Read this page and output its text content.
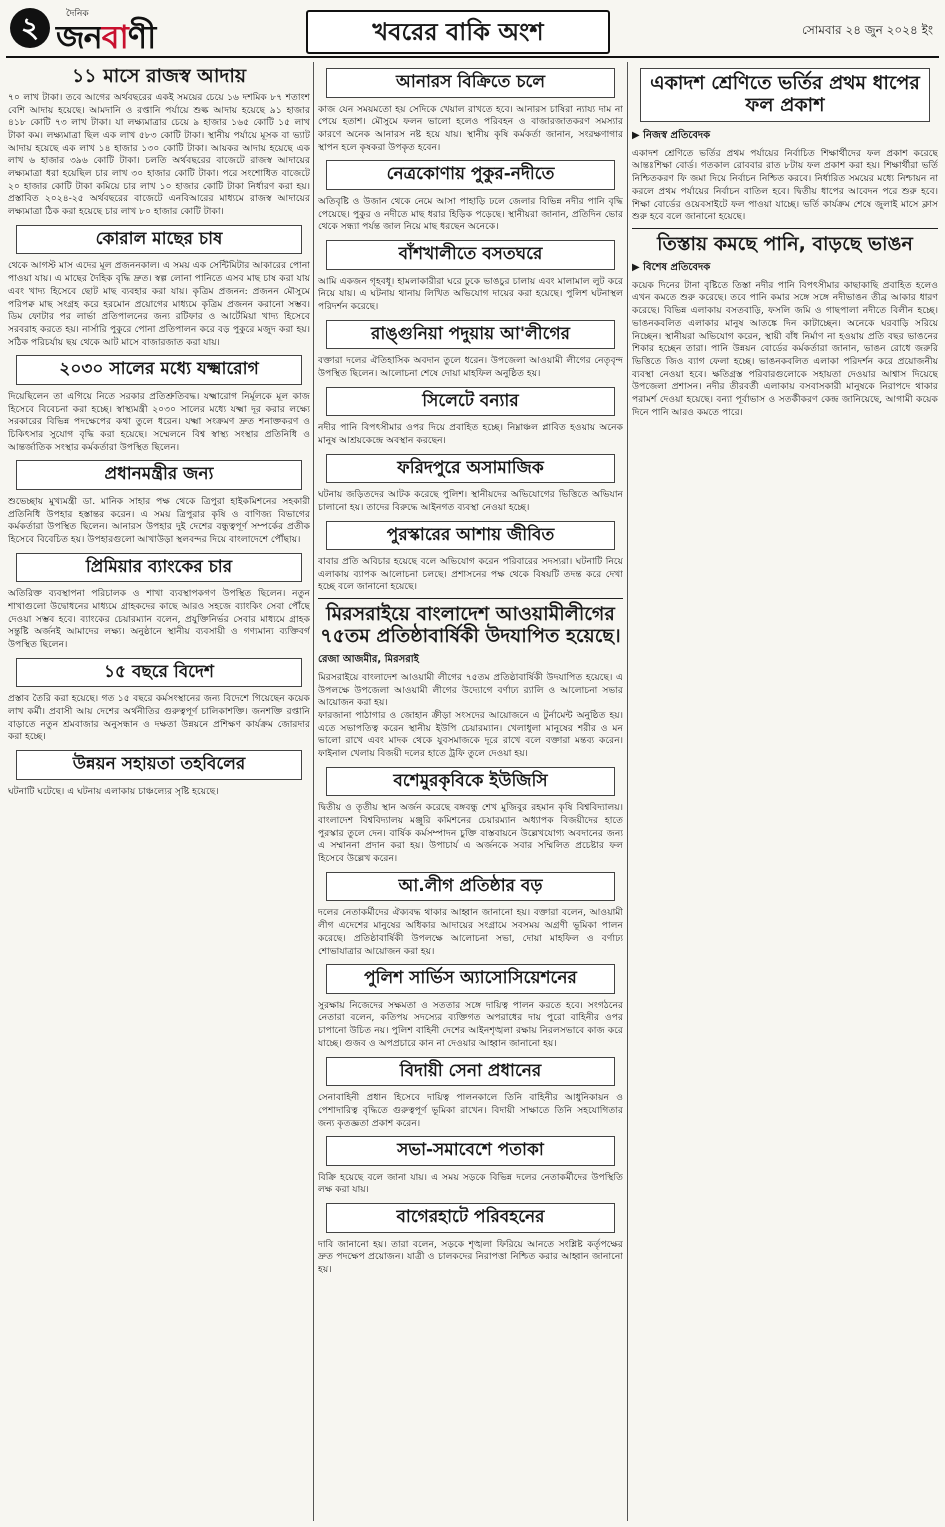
২	দৈনিক
জনবাণী	খবরের বাকি অংশ	সোমবার ২৪ জুন ২০২৪ ইং
১১ মাসে রাজস্ব আদায়

৭০ লাখ টাকা। তবে আগের অর্থবছরের একই সময়ের চেয়ে ১৬ দশমিক ৮৭ শতাংশ বেশি আদায় হয়েছে। আমদানি ও রপ্তানি পর্যায়ে শুল্ক আদায় হয়েছে ৯১ হাজার ৪১৮ কোটি ৭৩ লাখ টাকা। যা লক্ষ্যমাত্রার চেয়ে ৯ হাজার ১৬৫ কোটি ১৫ লাখ টাকা কম। লক্ষ্যমাত্রা ছিল এক লাখ ৫৮৩ কোটি টাকা। স্থানীয় পর্যায়ে মূসক বা ভ্যাট আদায় হয়েছে এক লাখ ১৪ হাজার ১৩০ কোটি টাকা। আয়কর আদায় হয়েছে এক লাখ ৬ হাজার ৩৯৬ কোটি টাকা। চলতি অর্থবছরের বাজেটে রাজস্ব আদায়ের লক্ষ্যমাত্রা ধরা হয়েছিল চার লাখ ৩০ হাজার কোটি টাকা। পরে সংশোধিত বাজেটে ২০ হাজার কোটি টাকা কমিয়ে চার লাখ ১০ হাজার কোটি টাকা নির্ধারণ করা হয়। প্রস্তাবিত ২০২৪-২৫ অর্থবছরের বাজেটে এনবিআরের মাধ্যমে রাজস্ব আদায়ের লক্ষ্যমাত্রা ঠিক করা হয়েছে চার লাখ ৮০ হাজার কোটি টাকা।

কোরাল মাছের চাষ

থেকে আগস্ট মাস এদের মূল প্রজননকাল। এ সময় এক সেন্টিমিটার আকারের পোনা পাওয়া যায়। এ মাছের দৈহিক বৃদ্ধি দ্রুত। স্বল্প লোনা পানিতে এসব মাছ চাষ করা যায় এবং খাদ্য হিসেবে ছোট মাছ ব্যবহার করা যায়। কৃত্রিম প্রজনন: প্রজনন মৌসুমে পরিপক্ব মাছ সংগ্রহ করে হরমোন প্রয়োগের মাধ্যমে কৃত্রিম প্রজনন করানো সম্ভব। ডিম ফোটার পর লার্ভা প্রতিপালনের জন্য রটিফার ও আর্টেমিয়া খাদ্য হিসেবে সরবরাহ করতে হয়। নার্সারি পুকুরে পোনা প্রতিপালন করে বড় পুকুরে মজুদ করা হয়। সঠিক পরিচর্যায় ছয় থেকে আট মাসে বাজারজাত করা যায়।

২০৩০ সালের মধ্যে যক্ষ্মারোগ

দিয়েছিলেন তা এগিয়ে নিতে সরকার প্রতিশ্রুতিবদ্ধ। যক্ষ্মারোগ নির্মূলকে মূল কাজ হিসেবে বিবেচনা করা হচ্ছে। স্বাস্থ্যমন্ত্রী ২০৩০ সালের মধ্যে যক্ষ্মা দূর করার লক্ষ্যে সরকারের বিভিন্ন পদক্ষেপের কথা তুলে ধরেন। যক্ষ্মা সংক্রমণ দ্রুত শনাক্তকরণ ও চিকিৎসার সুযোগ বৃদ্ধি করা হয়েছে। সম্মেলনে বিশ্ব স্বাস্থ্য সংস্থার প্রতিনিধি ও আন্তর্জাতিক সংস্থার কর্মকর্তারা উপস্থিত ছিলেন।

প্রধানমন্ত্রীর জন্য

শুভেচ্ছায় মুখ্যমন্ত্রী ডা. মানিক সাহার পক্ষ থেকে ত্রিপুরা হাইকমিশনের সহকারী প্রতিনিধি উপহার হস্তান্তর করেন। এ সময় ত্রিপুরার কৃষি ও বাণিজ্য বিভাগের কর্মকর্তারা উপস্থিত ছিলেন। আনারস উপহার দুই দেশের বন্ধুত্বপূর্ণ সম্পর্কের প্রতীক হিসেবে বিবেচিত হয়। উপহারগুলো আখাউড়া স্থলবন্দর দিয়ে বাংলাদেশে পৌঁছায়।

প্রিমিয়ার ব্যাংকের চার

অতিরিক্ত ব্যবস্থাপনা পরিচালক ও শাখা ব্যবস্থাপকগণ উপস্থিত ছিলেন। নতুন শাখাগুলো উদ্বোধনের মাধ্যমে গ্রাহকদের কাছে আরও সহজে ব্যাংকিং সেবা পৌঁছে দেওয়া সম্ভব হবে। ব্যাংকের চেয়ারম্যান বলেন, প্রযুক্তিনির্ভর সেবার মাধ্যমে গ্রাহক সন্তুষ্টি অর্জনই আমাদের লক্ষ্য। অনুষ্ঠানে স্থানীয় ব্যবসায়ী ও গণ্যমান্য ব্যক্তিবর্গ উপস্থিত ছিলেন।

১৫ বছরে বিদেশ

প্রস্তাব তৈরি করা হয়েছে। গত ১৫ বছরে কর্মসংস্থানের জন্য বিদেশে গিয়েছেন কয়েক লাখ কর্মী। প্রবাসী আয় দেশের অর্থনীতির গুরুত্বপূর্ণ চালিকাশক্তি। জনশক্তি রপ্তানি বাড়াতে নতুন শ্রমবাজার অনুসন্ধান ও দক্ষতা উন্নয়নে প্রশিক্ষণ কার্যক্রম জোরদার করা হচ্ছে।

উন্নয়ন সহায়তা তহবিলের

ঘটনাটি ঘটেছে। এ ঘটনায় এলাকায় চাঞ্চল্যের সৃষ্টি হয়েছে।

আনারস বিক্রিতে চলে

কাজ যেন সময়মতো হয় সেদিকে খেয়াল রাখতে হবে। আনারস চাষিরা ন্যায্য দাম না পেয়ে হতাশ। মৌসুমে ফলন ভালো হলেও পরিবহন ও বাজারজাতকরণ সমস্যার কারণে অনেক আনারস নষ্ট হয়ে যায়। স্থানীয় কৃষি কর্মকর্তা জানান, সংরক্ষণাগার স্থাপন হলে কৃষকরা উপকৃত হবেন।

নেত্রকোণায় পুকুর-নদীতে

অতিবৃষ্টি ও উজান থেকে নেমে আসা পাহাড়ি ঢলে জেলার বিভিন্ন নদীর পানি বৃদ্ধি পেয়েছে। পুকুর ও নদীতে মাছ ধরার হিড়িক পড়েছে। স্থানীয়রা জানান, প্রতিদিন ভোর থেকে সন্ধ্যা পর্যন্ত জাল নিয়ে মাছ ধরছেন অনেকে।

বাঁশখালীতে বসতঘরে

আমি একজন গৃহবধূ। হামলাকারীরা ঘরে ঢুকে ভাঙচুর চালায় এবং মালামাল লুট করে নিয়ে যায়। এ ঘটনায় থানায় লিখিত অভিযোগ দায়ের করা হয়েছে। পুলিশ ঘটনাস্থল পরিদর্শন করেছে।

রাঙ্গুনিয়া পদুয়ায় আ'লীগের

বক্তারা দলের ঐতিহাসিক অবদান তুলে ধরেন। উপজেলা আওয়ামী লীগের নেতৃবৃন্দ উপস্থিত ছিলেন। আলোচনা শেষে দোয়া মাহফিল অনুষ্ঠিত হয়।

সিলেটে বন্যার

নদীর পানি বিপৎসীমার ওপর দিয়ে প্রবাহিত হচ্ছে। নিম্নাঞ্চল প্লাবিত হওয়ায় অনেক মানুষ আশ্রয়কেন্দ্রে অবস্থান করছেন।

ফরিদপুরে অসামাজিক

ঘটনায় জড়িতদের আটক করেছে পুলিশ। স্থানীয়দের অভিযোগের ভিত্তিতে অভিযান চালানো হয়। তাদের বিরুদ্ধে আইনগত ব্যবস্থা নেওয়া হচ্ছে।

পুরস্কারের আশায় জীবিত

বাবার প্রতি অবিচার হয়েছে বলে অভিযোগ করেন পরিবারের সদস্যরা। ঘটনাটি নিয়ে এলাকায় ব্যাপক আলোচনা চলছে। প্রশাসনের পক্ষ থেকে বিষয়টি তদন্ত করে দেখা হচ্ছে বলে জানানো হয়েছে।

মিরসরাইয়ে বাংলাদেশ আওয়ামীলীগের ৭৫তম প্রতিষ্ঠাবার্ষিকী উদযাপিত হয়েছে।
রেজা আজমীর, মিরসরাই

মিরসরাইয়ে বাংলাদেশ আওয়ামী লীগের ৭৫তম প্রতিষ্ঠাবার্ষিকী উদযাপিত হয়েছে। এ উপলক্ষে উপজেলা আওয়ামী লীগের উদ্যোগে বর্ণাঢ্য র‍্যালি ও আলোচনা সভার আয়োজন করা হয়।

ফারজানা পাঠাগার ও জোহান ক্রীড়া সংসদের আয়োজনে এ টুর্নামেন্ট অনুষ্ঠিত হয়। এতে সভাপতিত্ব করেন স্থানীয় ইউপি চেয়ারম্যান। খেলাধুলা মানুষের শরীর ও মন ভালো রাখে এবং মাদক থেকে যুবসমাজকে দূরে রাখে বলে বক্তারা মন্তব্য করেন। ফাইনাল খেলায় বিজয়ী দলের হাতে ট্রফি তুলে দেওয়া হয়।

বশেমুরকৃবিকে ইউজিসি

দ্বিতীয় ও তৃতীয় স্থান অর্জন করেছে বঙ্গবন্ধু শেখ মুজিবুর রহমান কৃষি বিশ্ববিদ্যালয়। বাংলাদেশ বিশ্ববিদ্যালয় মঞ্জুরি কমিশনের চেয়ারম্যান অধ্যাপক বিজয়ীদের হাতে পুরস্কার তুলে দেন। বার্ষিক কর্মসম্পাদন চুক্তি বাস্তবায়নে উল্লেখযোগ্য অবদানের জন্য এ সম্মাননা প্রদান করা হয়। উপাচার্য এ অর্জনকে সবার সম্মিলিত প্রচেষ্টার ফল হিসেবে উল্লেখ করেন।

আ.লীগ প্রতিষ্ঠার বড়

দলের নেতাকর্মীদের ঐক্যবদ্ধ থাকার আহ্বান জানানো হয়। বক্তারা বলেন, আওয়ামী লীগ এদেশের মানুষের অধিকার আদায়ের সংগ্রামে সবসময় অগ্রণী ভূমিকা পালন করেছে। প্রতিষ্ঠাবার্ষিকী উপলক্ষে আলোচনা সভা, দোয়া মাহফিল ও বর্ণাঢ্য শোভাযাত্রার আয়োজন করা হয়।

পুলিশ সার্ভিস অ্যাসোসিয়েশনের

সুরক্ষায় নিজেদের সক্ষমতা ও সততার সঙ্গে দায়িত্ব পালন করতে হবে। সংগঠনের নেতারা বলেন, কতিপয় সদস্যের ব্যক্তিগত অপরাধের দায় পুরো বাহিনীর ওপর চাপানো উচিত নয়। পুলিশ বাহিনী দেশের আইনশৃঙ্খলা রক্ষায় নিরলসভাবে কাজ করে যাচ্ছে। গুজব ও অপপ্রচারে কান না দেওয়ার আহ্বান জানানো হয়।

বিদায়ী সেনা প্রধানের

সেনাবাহিনী প্রধান হিসেবে দায়িত্ব পালনকালে তিনি বাহিনীর আধুনিকায়ন ও পেশাদারিত্ব বৃদ্ধিতে গুরুত্বপূর্ণ ভূমিকা রাখেন। বিদায়ী সাক্ষাতে তিনি সহযোগিতার জন্য কৃতজ্ঞতা প্রকাশ করেন।

সভা-সমাবেশে পতাকা

বিক্রি হয়েছে বলে জানা যায়। এ সময় সড়কে বিভিন্ন দলের নেতাকর্মীদের উপস্থিতি লক্ষ করা যায়।

বাগেরহাটে পরিবহনের

দাবি জানানো হয়। তারা বলেন, সড়কে শৃঙ্খলা ফিরিয়ে আনতে সংশ্লিষ্ট কর্তৃপক্ষের দ্রুত পদক্ষেপ প্রয়োজন। যাত্রী ও চালকদের নিরাপত্তা নিশ্চিত করার আহ্বান জানানো হয়।

একাদশ শ্রেণিতে ভর্তির প্রথম ধাপের ফল প্রকাশ
▶ নিজস্ব প্রতিবেদক

একাদশ শ্রেণিতে ভর্তির প্রথম পর্যায়ের নির্বাচিত শিক্ষার্থীদের ফল প্রকাশ করেছে আন্তঃশিক্ষা বোর্ড। গতকাল রোববার রাত ৮টায় ফল প্রকাশ করা হয়। শিক্ষার্থীরা ভর্তি নিশ্চিতকরণ ফি জমা দিয়ে নির্বাচন নিশ্চিত করবে। নির্ধারিত সময়ের মধ্যে নিশ্চায়ন না করলে প্রথম পর্যায়ের নির্বাচন বাতিল হবে। দ্বিতীয় ধাপের আবেদন পরে শুরু হবে। শিক্ষা বোর্ডের ওয়েবসাইটে ফল পাওয়া যাচ্ছে। ভর্তি কার্যক্রম শেষে জুলাই মাসে ক্লাস শুরু হবে বলে জানানো হয়েছে।

তিস্তায় কমছে পানি, বাড়ছে ভাঙন
▶ বিশেষ প্রতিবেদক

কয়েক দিনের টানা বৃষ্টিতে তিস্তা নদীর পানি বিপৎসীমার কাছাকাছি প্রবাহিত হলেও এখন কমতে শুরু করেছে। তবে পানি কমার সঙ্গে সঙ্গে নদীভাঙন তীব্র আকার ধারণ করেছে। বিভিন্ন এলাকায় বসতবাড়ি, ফসলি জমি ও গাছপালা নদীতে বিলীন হচ্ছে। ভাঙনকবলিত এলাকার মানুষ আতঙ্কে দিন কাটাচ্ছেন। অনেকে ঘরবাড়ি সরিয়ে নিচ্ছেন। স্থানীয়রা অভিযোগ করেন, স্থায়ী বাঁধ নির্মাণ না হওয়ায় প্রতি বছর ভাঙনের শিকার হচ্ছেন তারা। পানি উন্নয়ন বোর্ডের কর্মকর্তারা জানান, ভাঙন রোধে জরুরি ভিত্তিতে জিও ব্যাগ ফেলা হচ্ছে। ভাঙনকবলিত এলাকা পরিদর্শন করে প্রয়োজনীয় ব্যবস্থা নেওয়া হবে। ক্ষতিগ্রস্ত পরিবারগুলোকে সহায়তা দেওয়ার আশ্বাস দিয়েছে উপজেলা প্রশাসন। নদীর তীরবর্তী এলাকায় বসবাসকারী মানুষকে নিরাপদে থাকার পরামর্শ দেওয়া হয়েছে। বন্যা পূর্বাভাস ও সতর্কীকরণ কেন্দ্র জানিয়েছে, আগামী কয়েক দিনে পানি আরও কমতে পারে।
